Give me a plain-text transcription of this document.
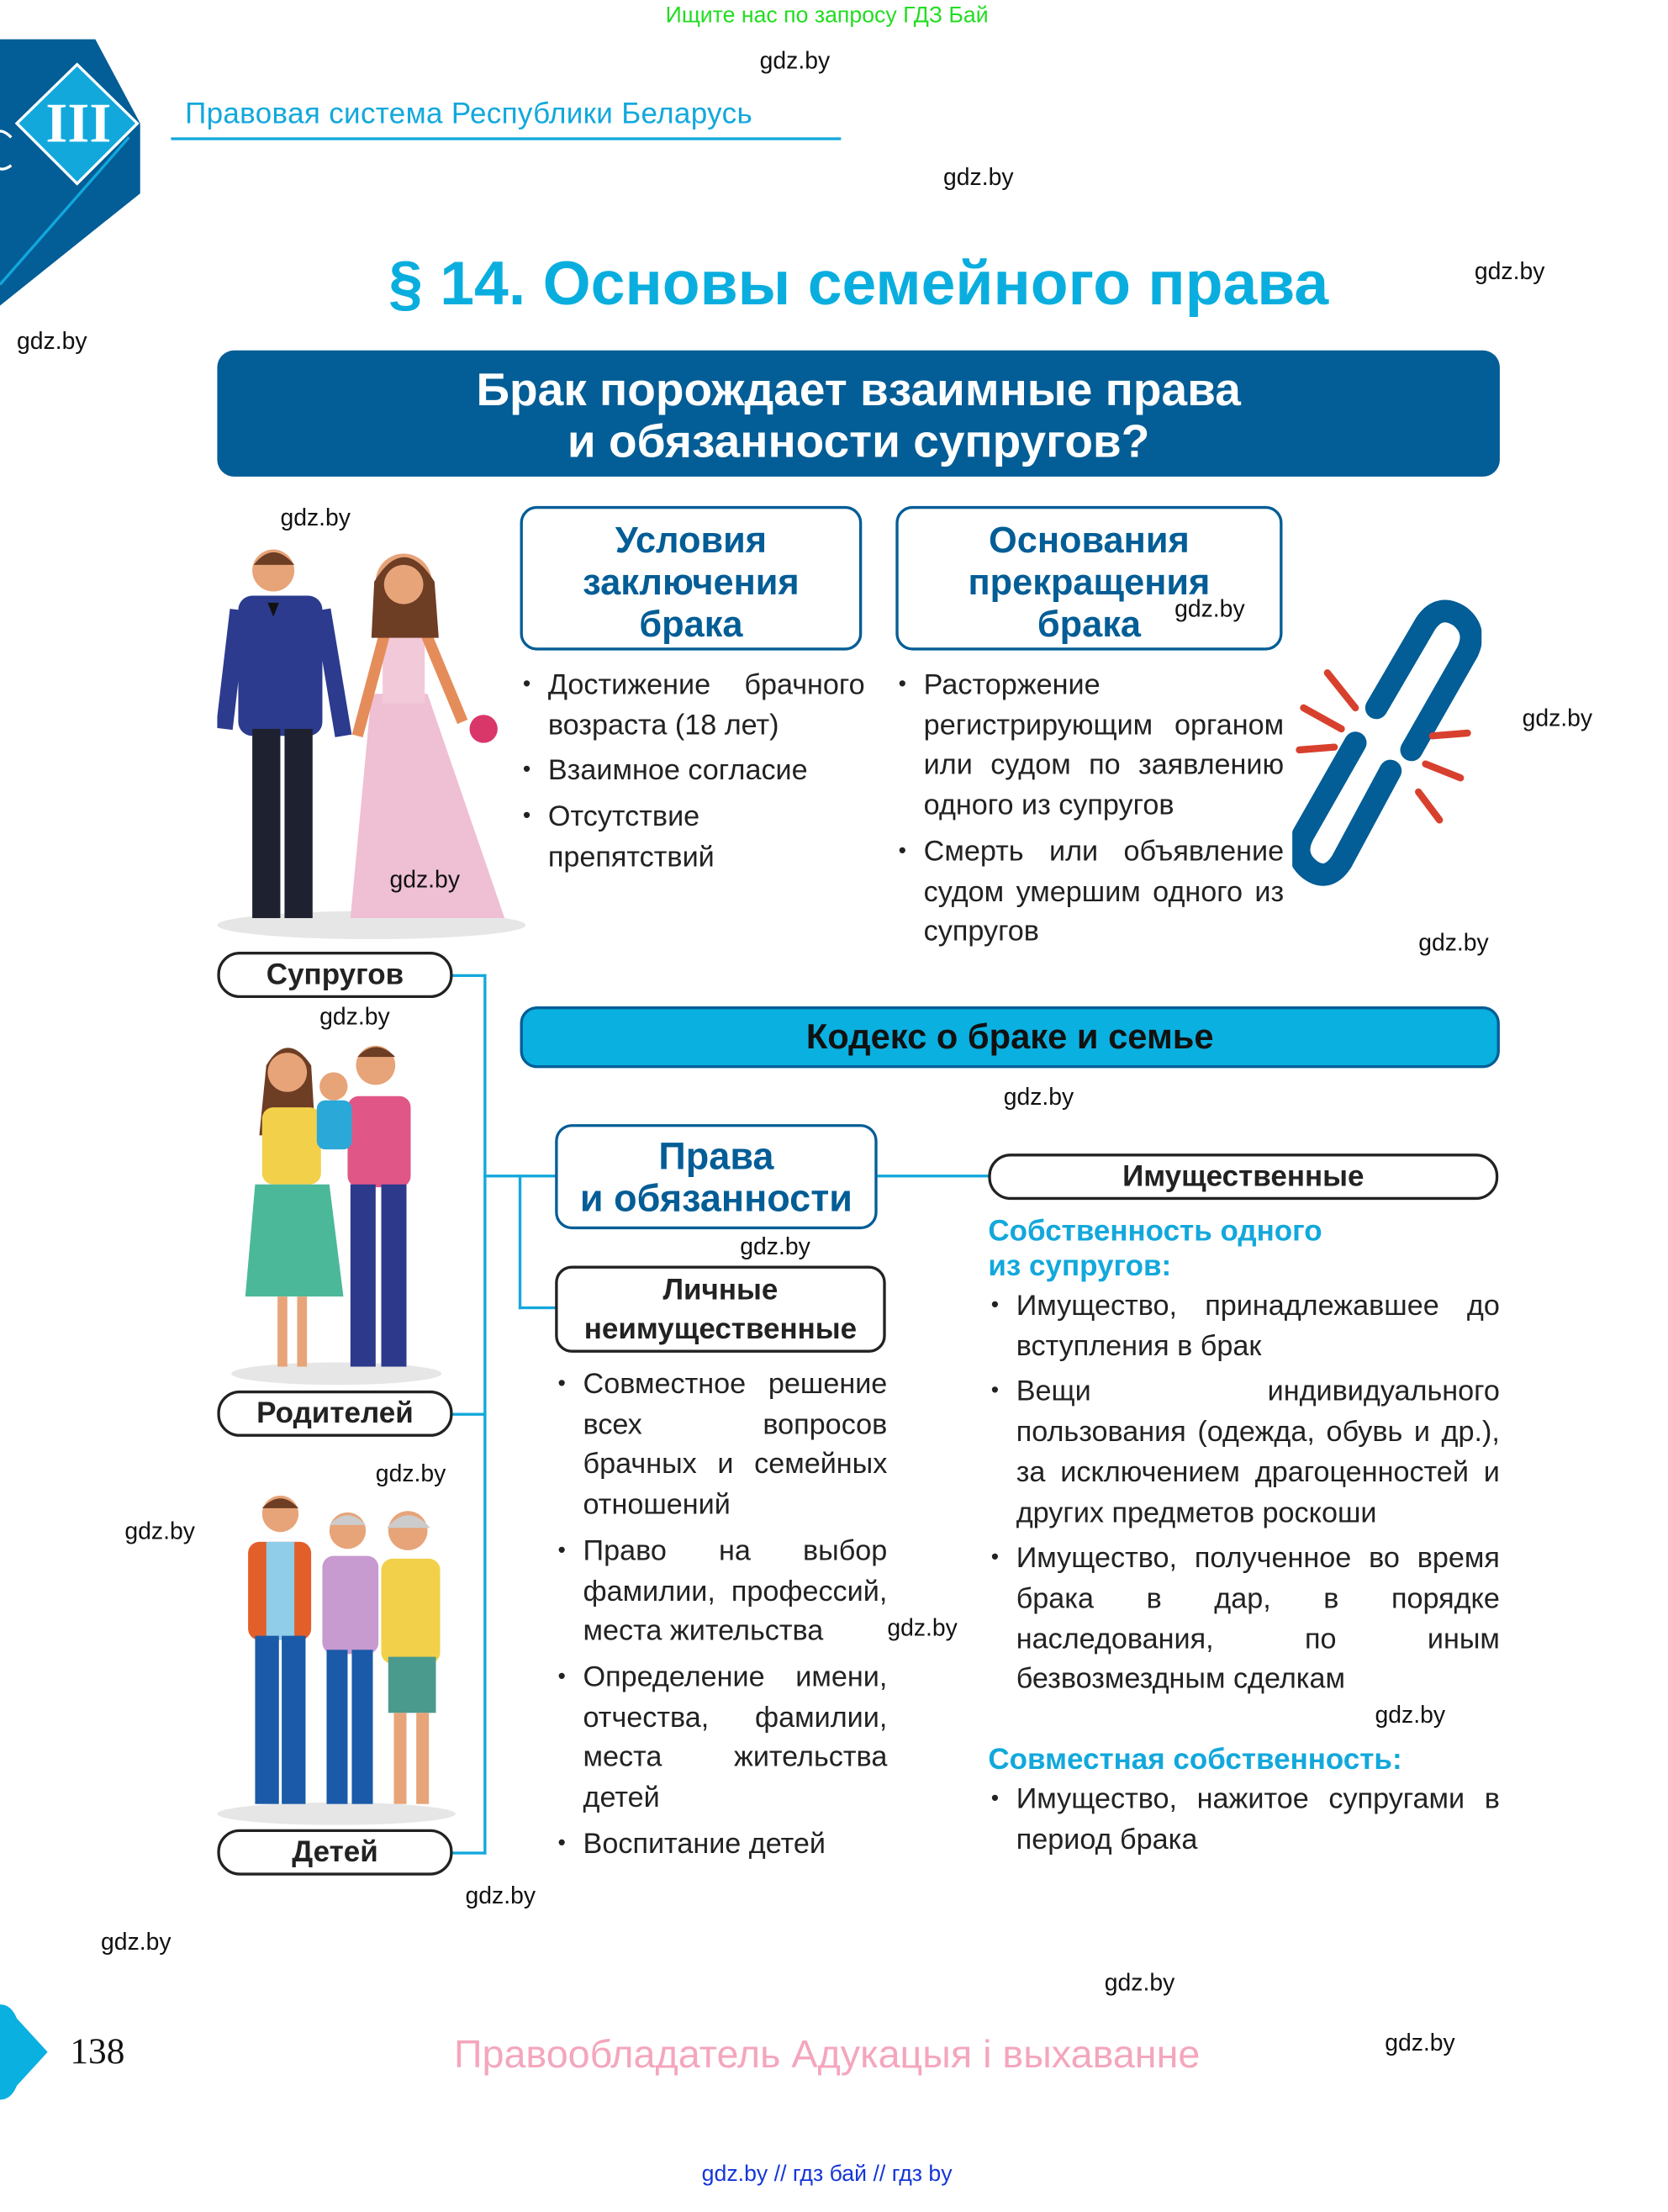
Ищите нас по запросу ГДЗ Бай
III	Правовая система Республики Беларусь
§ 14. Основы семейного права
Брак порождает взаимные права
и обязанности супругов?
Условия
заключения
брака
Основания
прекращения
брака
• Достижение брачного возраста (18 лет)
• Взаимное согласие
• Отсутствие препятствий
• Расторжение регистрирующим органом или судом по заявлению одного из супругов
• Смерть или объявление судом умершим одного из супругов
Супругов
Родителей
Детей
Кодекс о браке и семье
Права
и обязанности
Имущественные
Личные
неимущественные
• Совместное решение всех вопросов брачных и семейных отношений
• Право на выбор фамилии, профессий, места жительства
• Определение имени, отчества, фамилии, места жительства детей
• Воспитание детей
Собственность одного
из супругов:
• Имущество, принадлежавшее до вступления в брак
• Вещи индивидуального пользования (одежда, обувь и др.), за исключением драгоценностей и других предметов роскоши
• Имущество, полученное во время брака в дар, в порядке наследования, по иным безвозмездным сделкам
Совместная собственность:
• Имущество, нажитое супругами в период брака
gdz.by
gdz.by
gdz.by
gdz.by
gdz.by
gdz.by
gdz.by
gdz.by
gdz.by
gdz.by
gdz.by
gdz.by
gdz.by
gdz.by
gdz.by
gdz.by
gdz.by
gdz.by
gdz.by
gdz.by
138	Правообладатель Адукацыя і выхаванне
gdz.by // гдз бай // гдз by
